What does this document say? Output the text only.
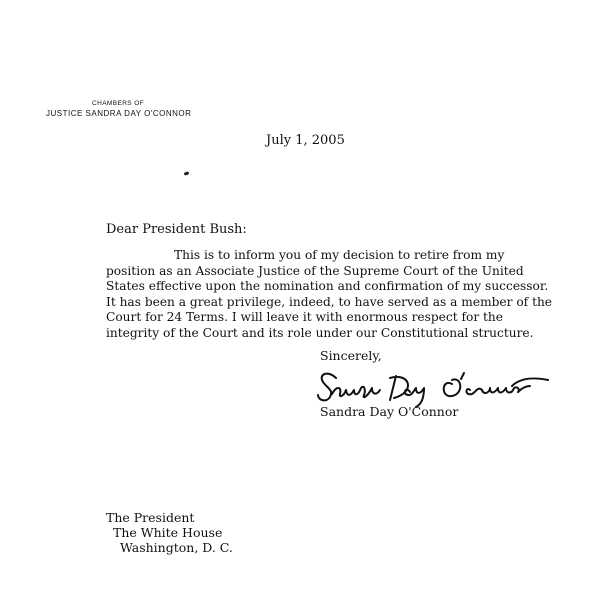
CHAMBERS OF
JUSTICE SANDRA DAY O'CONNOR
July 1, 2005
Dear President Bush:
This is to inform you of my decision to retire from my
position as an Associate Justice of the Supreme Court of the United
States effective upon the nomination and confirmation of my successor.
It has been a great privilege, indeed, to have served as a member of the
Court for 24 Terms. I will leave it with enormous respect for the
integrity of the Court and its role under our Constitutional structure.
Sincerely,
Sandra Day O'Connor
The President
The White House
Washington, D. C.
